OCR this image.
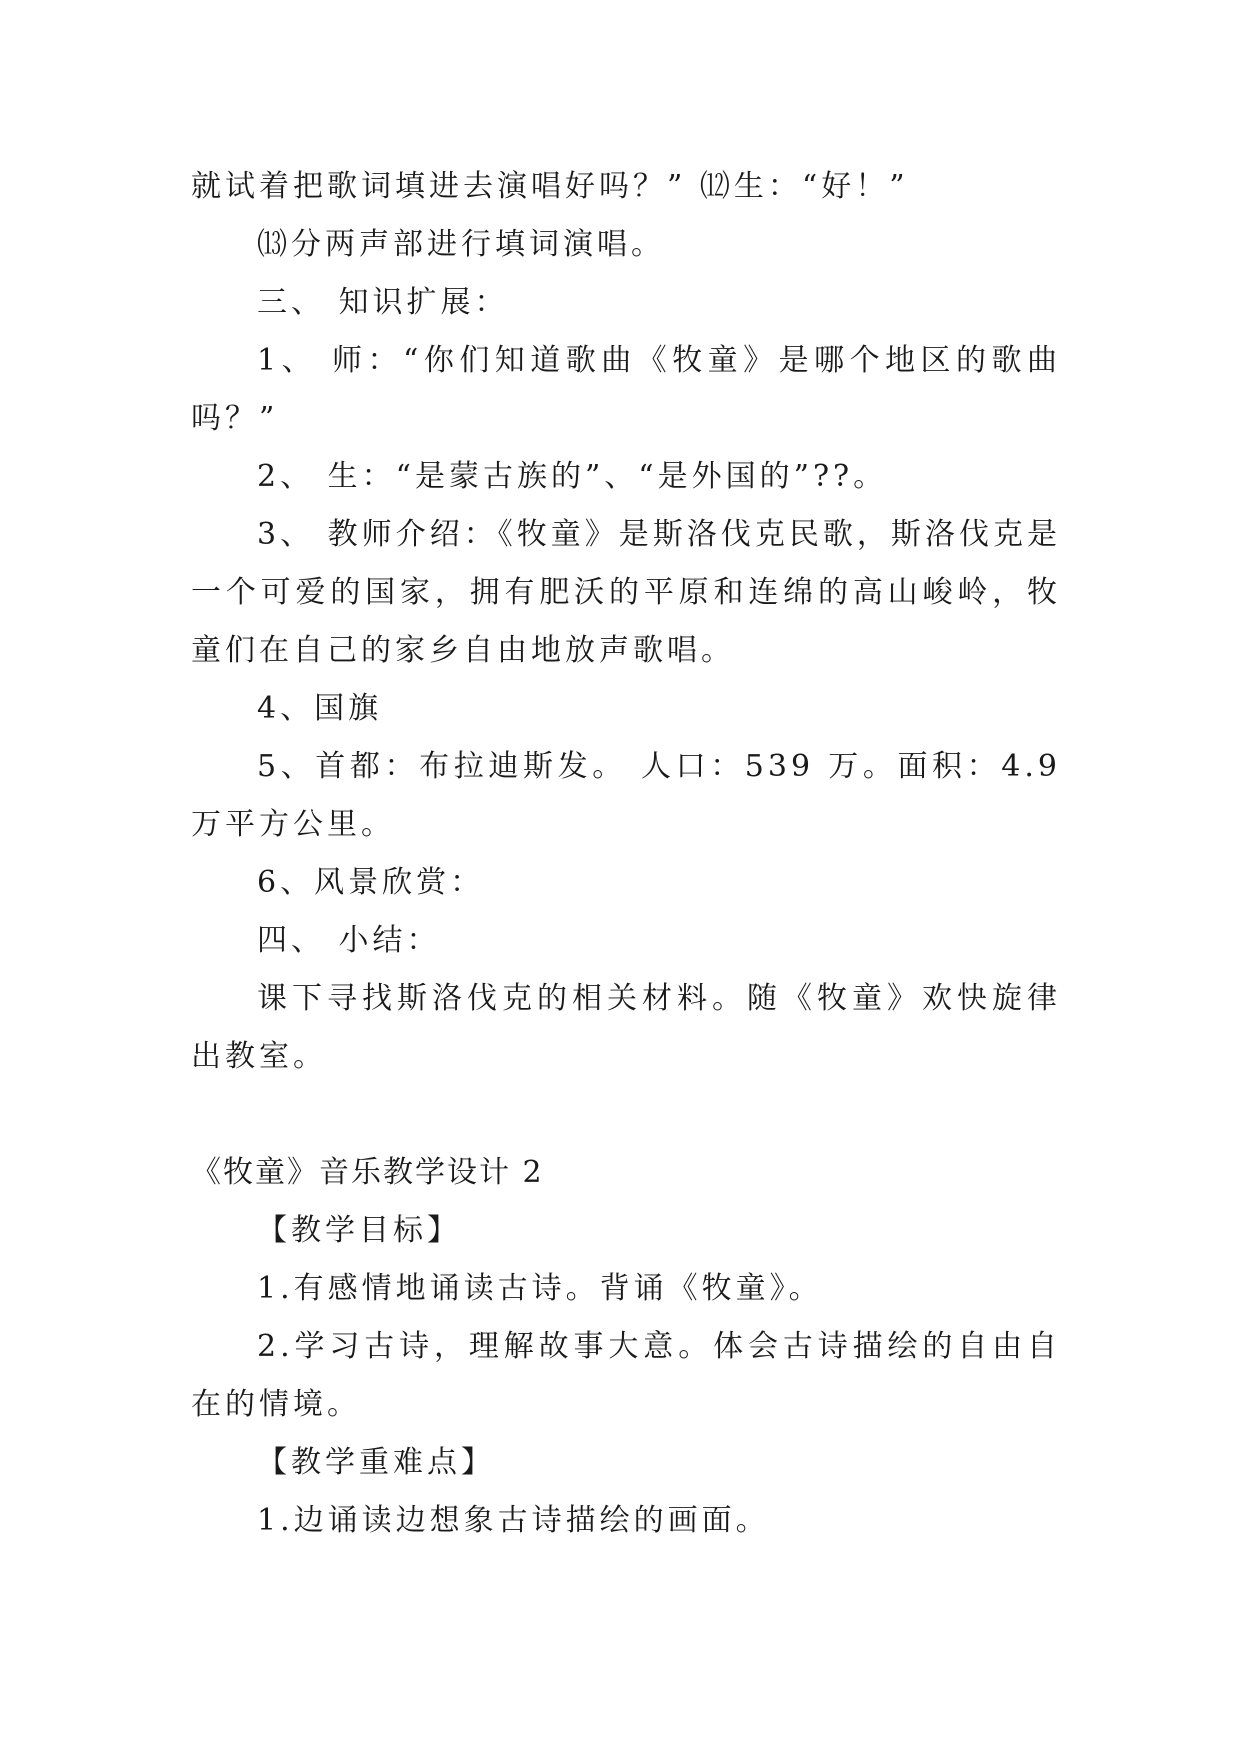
就试着把歌词填进去演唱好吗？” ⑿生：“好！”

⒀分两声部进行填词演唱。

三、 知识扩展：

1、 师：“你们知道歌曲《牧童》是哪个地区的歌曲吗？”

2、 生：“是蒙古族的”、“是外国的”??。

3、 教师介绍：《牧童》是斯洛伐克民歌，斯洛伐克是一个可爱的国家，拥有肥沃的平原和连绵的高山峻岭，牧童们在自己的家乡自由地放声歌唱。

4、国旗

5、首都：布拉迪斯发。 人口：539 万。面积：4.9 万平方公里。

6、风景欣赏：

四、 小结：

课下寻找斯洛伐克的相关材料。随《牧童》欢快旋律出教室。

《牧童》音乐教学设计 2

【教学目标】

1.有感情地诵读古诗。背诵《牧童》。

2.学习古诗，理解故事大意。体会古诗描绘的自由自在的情境。

【教学重难点】

1.边诵读边想象古诗描绘的画面。
